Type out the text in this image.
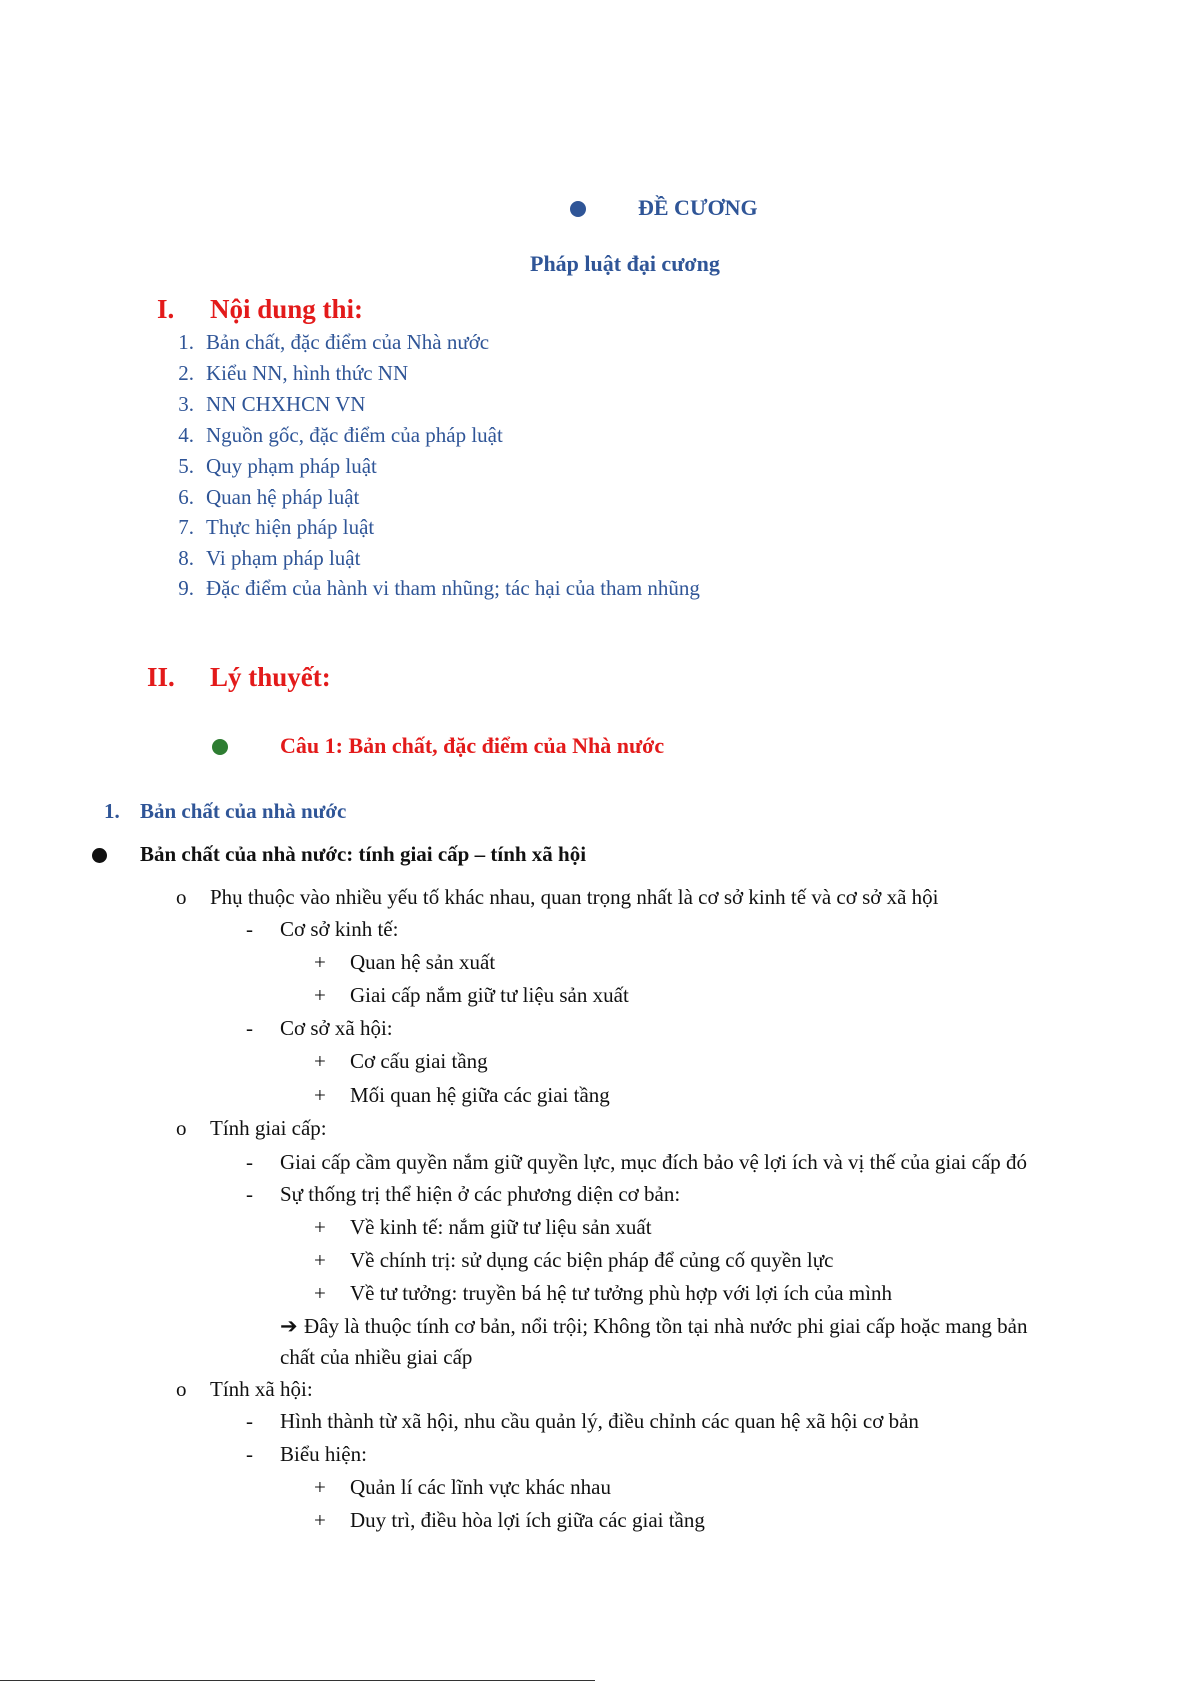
ĐỀ CƯƠNG
Pháp luật đại cương
I. Nội dung thi:
1. Bản chất, đặc điểm của Nhà nước
2. Kiểu NN, hình thức NN
3. NN CHXHCN VN
4. Nguồn gốc, đặc điểm của pháp luật
5. Quy phạm pháp luật
6. Quan hệ pháp luật
7. Thực hiện pháp luật
8. Vi phạm pháp luật
9. Đặc điểm của hành vi tham nhũng; tác hại của tham nhũng
II. Lý thuyết:
Câu 1: Bản chất, đặc điểm của Nhà nước
1. Bản chất của nhà nước
Bản chất của nhà nước: tính giai cấp – tính xã hội
o Phụ thuộc vào nhiều yếu tố khác nhau, quan trọng nhất là cơ sở kinh tế và cơ sở xã hội
- Cơ sở kinh tế:
+ Quan hệ sản xuất
+ Giai cấp nắm giữ tư liệu sản xuất
- Cơ sở xã hội:
+ Cơ cấu giai tầng
+ Mối quan hệ giữa các giai tầng
o Tính giai cấp:
- Giai cấp cầm quyền nắm giữ quyền lực, mục đích bảo vệ lợi ích và vị thế của giai cấp đó
- Sự thống trị thể hiện ở các phương diện cơ bản:
+ Về kinh tế: nắm giữ tư liệu sản xuất
+ Về chính trị: sử dụng các biện pháp để củng cố quyền lực
+ Về tư tưởng: truyền bá hệ tư tưởng phù hợp với lợi ích của mình
➔ Đây là thuộc tính cơ bản, nổi trội; Không tồn tại nhà nước phi giai cấp hoặc mang bản
chất của nhiều giai cấp
o Tính xã hội:
- Hình thành từ xã hội, nhu cầu quản lý, điều chỉnh các quan hệ xã hội cơ bản
- Biểu hiện:
+ Quản lí các lĩnh vực khác nhau
+ Duy trì, điều hòa lợi ích giữa các giai tầng
